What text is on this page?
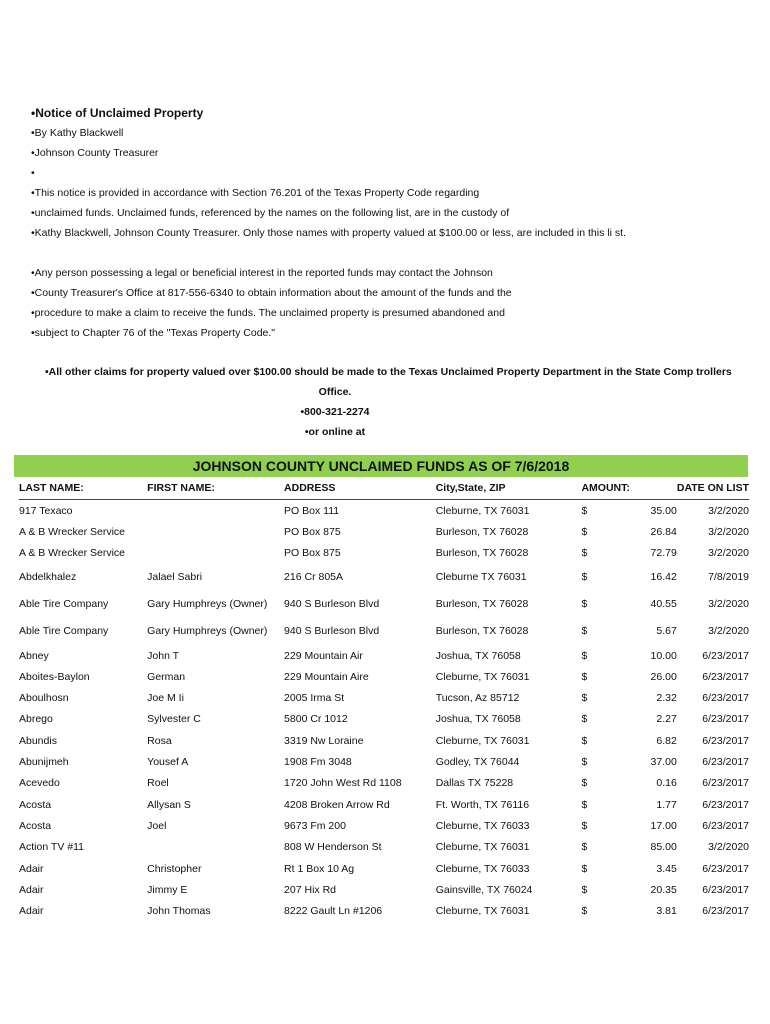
•Notice of Unclaimed Property
•By Kathy Blackwell
•Johnson County Treasurer
•
•This notice is provided in accordance with Section 76.201 of the Texas Property Code regarding
•unclaimed funds. Unclaimed funds, referenced by the names on the following list, are in the custody of
•Kathy Blackwell, Johnson County Treasurer. Only those names with property valued at $100.00 or less, are included in this li st.
•Any person possessing a legal or beneficial interest in the reported funds may contact the Johnson
•County Treasurer's Office at 817-556-6340 to obtain information about the amount of the funds and the
•procedure to make a claim to receive the funds. The unclaimed property is presumed abandoned and
•subject to Chapter 76 of the "Texas Property Code."
•All other claims for property valued over $100.00 should be made to the Texas Unclaimed Property Department in the State Comp trollers
Office.
•800-321-2274
•or online at
JOHNSON COUNTY UNCLAIMED FUNDS AS OF 7/6/2018
LAST NAME:	FIRST NAME:	ADDRESS	City,State, ZIP	AMOUNT:		DATE ON LIST
917 Texaco		PO Box 111	Cleburne, TX 76031	$	35.00	3/2/2020
A & B Wrecker Service		PO Box 875	Burleson, TX 76028	$	26.84	3/2/2020
A & B Wrecker Service		PO Box 875	Burleson, TX 76028	$	72.79	3/2/2020
Abdelkhalez	Jalael Sabri	216 Cr 805A	Cleburne TX 76031	$	16.42	7/8/2019
Able Tire Company	Gary Humphreys (Owner)	940 S Burleson Blvd	Burleson, TX 76028	$	40.55	3/2/2020
Able Tire Company	Gary Humphreys (Owner)	940 S Burleson Blvd	Burleson, TX 76028	$	5.67	3/2/2020
Abney	John T	229 Mountain Air	Joshua, TX 76058	$	10.00	6/23/2017
Aboites-Baylon	German	229 Mountain Aire	Cleburne, TX 76031	$	26.00	6/23/2017
Aboulhosn	Joe M Ii	2005 Irma St	Tucson, Az 85712	$	2.32	6/23/2017
Abrego	Sylvester C	5800 Cr 1012	Joshua, TX 76058	$	2.27	6/23/2017
Abundis	Rosa	3319 Nw Loraine	Cleburne, TX 76031	$	6.82	6/23/2017
Abunijmeh	Yousef A	1908 Fm 3048	Godley, TX 76044	$	37.00	6/23/2017
Acevedo	Roel	1720 John West Rd 1108	Dallas TX 75228	$	0.16	6/23/2017
Acosta	Allysan S	4208 Broken Arrow Rd	Ft. Worth, TX 76116	$	1.77	6/23/2017
Acosta	Joel	9673 Fm 200	Cleburne, TX 76033	$	17.00	6/23/2017
Action TV #11		808 W Henderson St	Cleburne, TX 76031	$	85.00	3/2/2020
Adair	Christopher	Rt 1 Box 10 Ag	Cleburne, TX 76033	$	3.45	6/23/2017
Adair	Jimmy E	207 Hix Rd	Gainsville, TX 76024	$	20.35	6/23/2017
Adair	John Thomas	8222 Gault Ln #1206	Cleburne, TX 76031	$	3.81	6/23/2017
